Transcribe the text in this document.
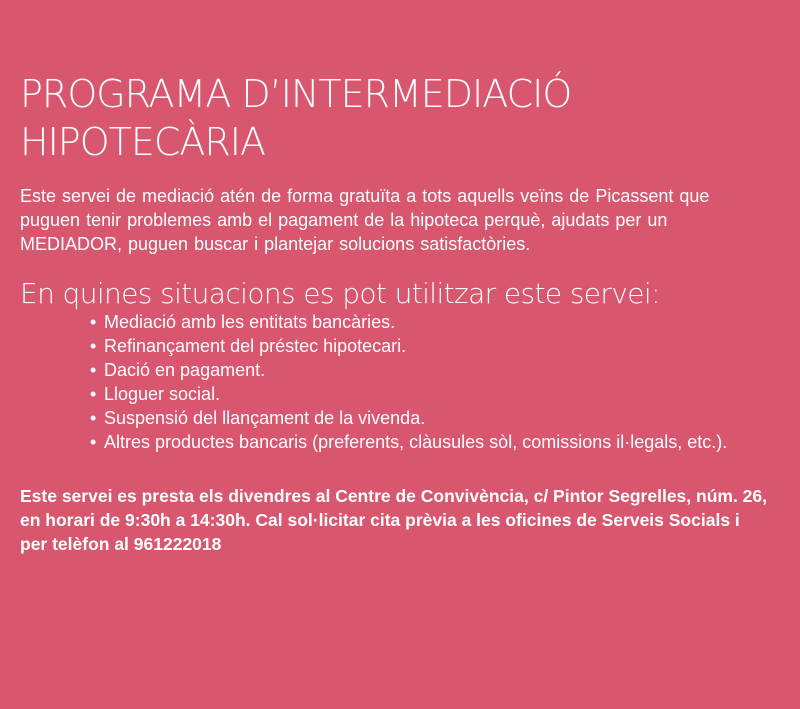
PROGRAMA D’INTERMEDIACIÓ
HIPOTECÀRIA

Este servei de mediació atén de forma gratuïta a tots aquells veïns de Picassent que puguen tenir problemes amb el pagament de la hipoteca perquè, ajudats per un MEDIADOR, puguen buscar i plantejar solucions satisfactòries.

En quines situacions es pot utilitzar este servei:
• Mediació amb les entitats bancàries.
• Refinançament del préstec hipotecari.
• Dació en pagament.
• Lloguer social.
• Suspensió del llançament de la vivenda.
• Altres productes bancaris (preferents, clàusules sòl, comissions il·legals, etc.).

Este servei es presta els divendres al Centre de Convivència, c/ Pintor Segrelles, núm. 26, en horari de 9:30h a 14:30h. Cal sol·licitar cita prèvia a les oficines de Serveis Socials i per telèfon al 961222018
